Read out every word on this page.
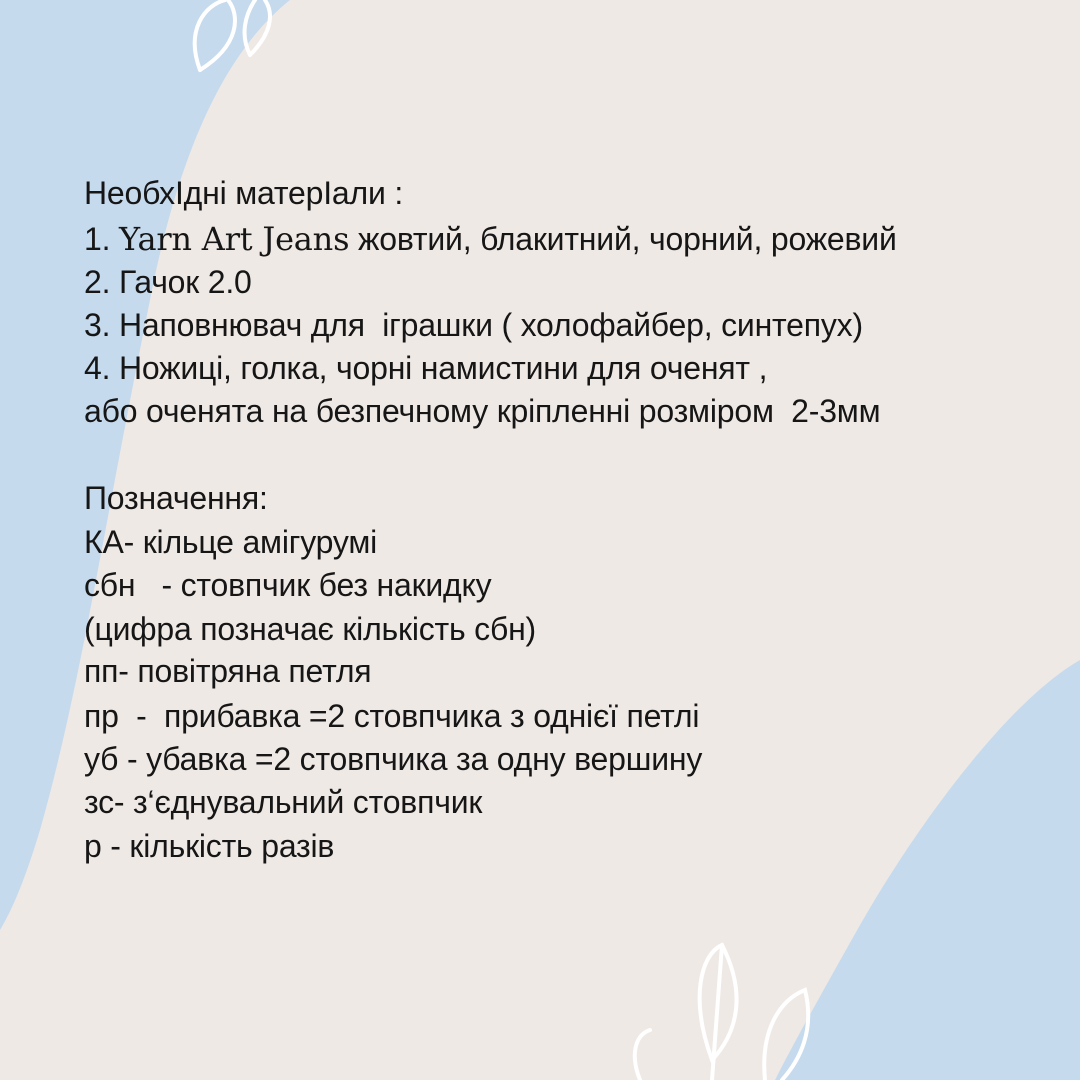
НеобхIдні матерIали :
1. Yarn Art Jeans жовтий, блакитний, чорний, рожевий
2. Гачок 2.0
3. Наповнювач для  іграшки ( холофайбер, синтепух)
4. Ножиці, голка, чорні намистини для оченят ,
або оченята на безпечному кріпленні розміром  2-3мм
Позначення:
КА- кільце амігурумі
сбн   - стовпчик без накидку
(цифра позначає кількість сбн)
пп- повітряна петля
пр  -  прибавка =2 стовпчика з однієї петлі
уб - убавка =2 стовпчика за одну вершину
зс- з‘єднувальний стовпчик
р - кількість разів
